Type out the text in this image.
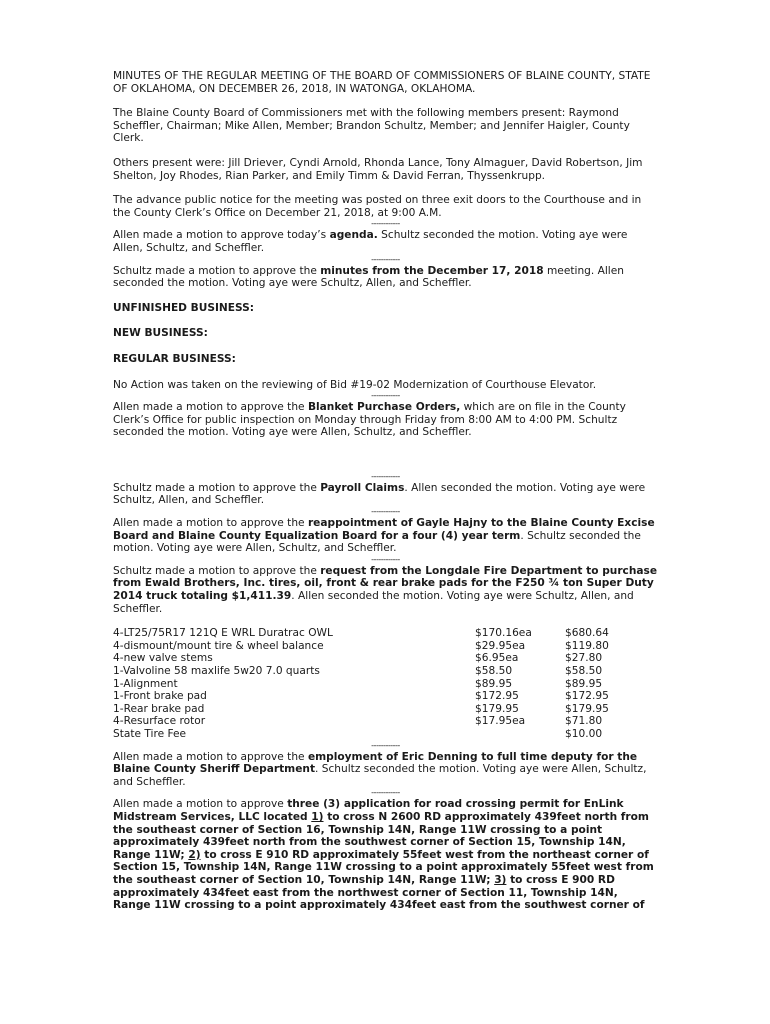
MINUTES OF THE REGULAR MEETING OF THE BOARD OF COMMISSIONERS OF BLAINE COUNTY, STATE OF OKLAHOMA, ON DECEMBER 26, 2018, IN WATONGA, OKLAHOMA.

The Blaine County Board of Commissioners met with the following members present: Raymond Scheffler, Chairman; Mike Allen, Member; Brandon Schultz, Member; and Jennifer Haigler, County Clerk.

Others present were: Jill Driever, Cyndi Arnold, Rhonda Lance, Tony Almaguer, David Robertson, Jim Shelton, Joy Rhodes, Rian Parker, and Emily Timm & David Ferran, Thyssenkrupp.

The advance public notice for the meeting was posted on three exit doors to the Courthouse and in the County Clerk’s Office on December 21, 2018, at 9:00 A.M.

------------

Allen made a motion to approve today’s agenda. Schultz seconded the motion. Voting aye were Allen, Schultz, and Scheffler.

------------

Schultz made a motion to approve the minutes from the December 17, 2018 meeting. Allen seconded the motion. Voting aye were Schultz, Allen, and Scheffler.

UNFINISHED BUSINESS:

NEW BUSINESS:

REGULAR BUSINESS:

No Action was taken on the reviewing of Bid #19-02 Modernization of Courthouse Elevator.

------------

Allen made a motion to approve the Blanket Purchase Orders, which are on file in the County Clerk’s Office for public inspection on Monday through Friday from 8:00 AM to 4:00 PM. Schultz seconded the motion. Voting aye were Allen, Schultz, and Scheffler.

------------

Schultz made a motion to approve the Payroll Claims. Allen seconded the motion. Voting aye were Schultz, Allen, and Scheffler.

------------

Allen made a motion to approve the reappointment of Gayle Hajny to the Blaine County Excise Board and Blaine County Equalization Board for a four (4) year term. Schultz seconded the motion. Voting aye were Allen, Schultz, and Scheffler.

------------

Schultz made a motion to approve the request from the Longdale Fire Department to purchase from Ewald Brothers, Inc. tires, oil, front & rear brake pads for the F250 ¾ ton Super Duty 2014 truck totaling $1,411.39. Allen seconded the motion. Voting aye were Schultz, Allen, and Scheffler.

4-LT25/75R17 121Q E WRL Duratrac OWL	$170.16ea	$680.64
4-dismount/mount tire & wheel balance	$29.95ea	$119.80
4-new valve stems	$6.95ea	$27.80
1-Valvoline 58 maxlife 5w20 7.0 quarts	$58.50	$58.50
1-Alignment	$89.95	$89.95
1-Front brake pad	$172.95	$172.95
1-Rear brake pad	$179.95	$179.95
4-Resurface rotor	$17.95ea	$71.80
State Tire Fee		$10.00
------------

Allen made a motion to approve the employment of Eric Denning to full time deputy for the Blaine County Sheriff Department. Schultz seconded the motion. Voting aye were Allen, Schultz, and Scheffler.

------------

Allen made a motion to approve three (3) application for road crossing permit for EnLink Midstream Services, LLC located 1) to cross N 2600 RD approximately 439feet north from the southeast corner of Section 16, Township 14N, Range 11W crossing to a point approximately 439feet north from the southwest corner of Section 15, Township 14N, Range 11W; 2) to cross E 910 RD approximately 55feet west from the northeast corner of Section 15, Township 14N, Range 11W crossing to a point approximately 55feet west from the southeast corner of Section 10, Township 14N, Range 11W; 3) to cross E 900 RD approximately 434feet east from the northwest corner of Section 11, Township 14N, Range 11W crossing to a point approximately 434feet east from the southwest corner of
